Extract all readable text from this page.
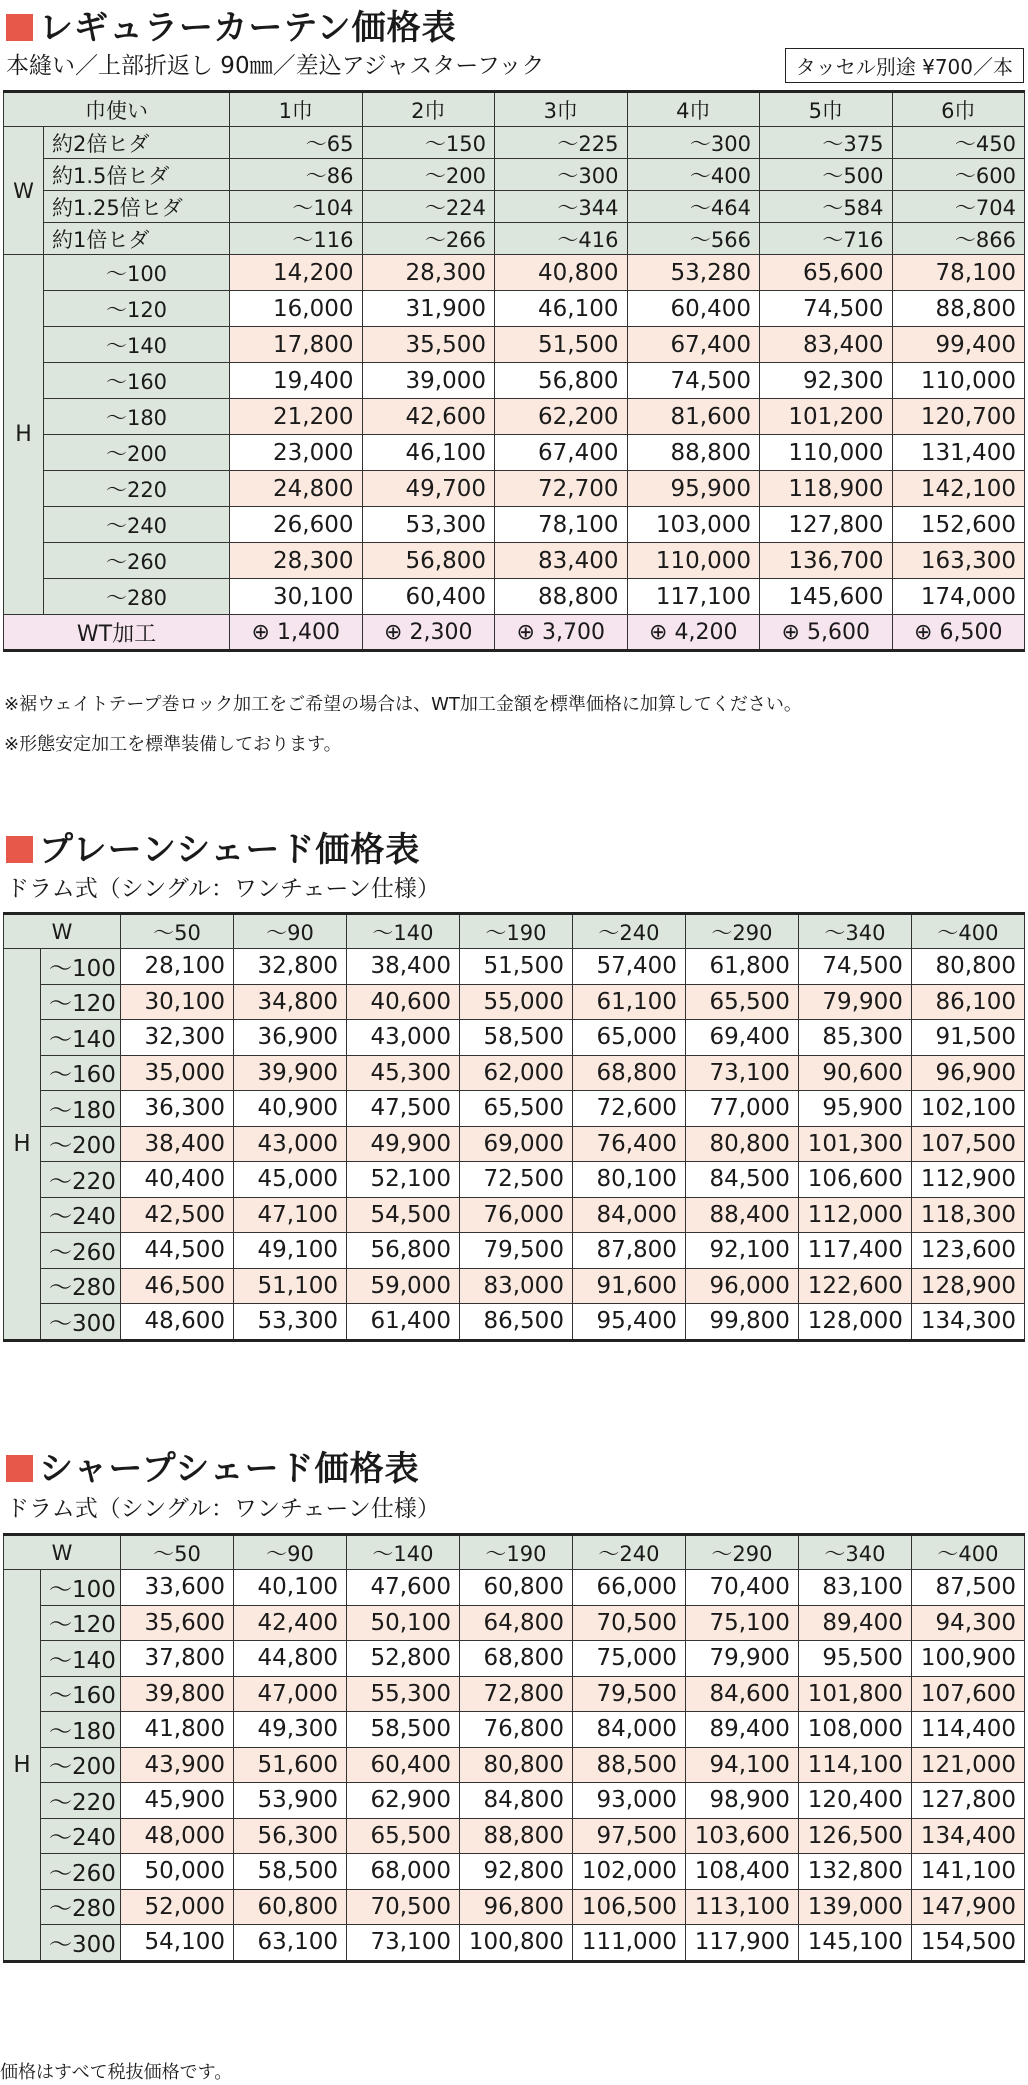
レギュラーカーテン価格表
本縫い／上部折返し 90㎜／差込アジャスターフック	タッセル別途 ¥700／本
巾使い		1巾	2巾	3巾	4巾	5巾	6巾
W	約2倍ヒダ	～65	～150	～225	～300	～375	～450
	約1.5倍ヒダ	～86	～200	～300	～400	～500	～600
	約1.25倍ヒダ	～104	～224	～344	～464	～584	～704
	約1倍ヒダ	～116	～266	～416	～566	～716	～866
H	～100	14,200	28,300	40,800	53,280	65,600	78,100
	～120	16,000	31,900	46,100	60,400	74,500	88,800
	～140	17,800	35,500	51,500	67,400	83,400	99,400
	～160	19,400	39,000	56,800	74,500	92,300	110,000
	～180	21,200	42,600	62,200	81,600	101,200	120,700
	～200	23,000	46,100	67,400	88,800	110,000	131,400
	～220	24,800	49,700	72,700	95,900	118,900	142,100
	～240	26,600	53,300	78,100	103,000	127,800	152,600
	～260	28,300	56,800	83,400	110,000	136,700	163,300
	～280	30,100	60,400	88,800	117,100	145,600	174,000
WT加工		⊕ 1,400	⊕ 2,300	⊕ 3,700	⊕ 4,200	⊕ 5,600	⊕ 6,500
※裾ウェイトテープ巻ロック加工をご希望の場合は、WT加工金額を標準価格に加算してください。
※形態安定加工を標準装備しております。
プレーンシェード価格表
ドラム式（シングル：ワンチェーン仕様）
W		～50	～90	～140	～190	～240	～290	～340	～400
H	～100	28,100	32,800	38,400	51,500	57,400	61,800	74,500	80,800
	～120	30,100	34,800	40,600	55,000	61,100	65,500	79,900	86,100
	～140	32,300	36,900	43,000	58,500	65,000	69,400	85,300	91,500
	～160	35,000	39,900	45,300	62,000	68,800	73,100	90,600	96,900
	～180	36,300	40,900	47,500	65,500	72,600	77,000	95,900	102,100
	～200	38,400	43,000	49,900	69,000	76,400	80,800	101,300	107,500
	～220	40,400	45,000	52,100	72,500	80,100	84,500	106,600	112,900
	～240	42,500	47,100	54,500	76,000	84,000	88,400	112,000	118,300
	～260	44,500	49,100	56,800	79,500	87,800	92,100	117,400	123,600
	～280	46,500	51,100	59,000	83,000	91,600	96,000	122,600	128,900
	～300	48,600	53,300	61,400	86,500	95,400	99,800	128,000	134,300
シャープシェード価格表
ドラム式（シングル：ワンチェーン仕様）
W		～50	～90	～140	～190	～240	～290	～340	～400
H	～100	33,600	40,100	47,600	60,800	66,000	70,400	83,100	87,500
	～120	35,600	42,400	50,100	64,800	70,500	75,100	89,400	94,300
	～140	37,800	44,800	52,800	68,800	75,000	79,900	95,500	100,900
	～160	39,800	47,000	55,300	72,800	79,500	84,600	101,800	107,600
	～180	41,800	49,300	58,500	76,800	84,000	89,400	108,000	114,400
	～200	43,900	51,600	60,400	80,800	88,500	94,100	114,100	121,000
	～220	45,900	53,900	62,900	84,800	93,000	98,900	120,400	127,800
	～240	48,000	56,300	65,500	88,800	97,500	103,600	126,500	134,400
	～260	50,000	58,500	68,000	92,800	102,000	108,400	132,800	141,100
	～280	52,000	60,800	70,500	96,800	106,500	113,100	139,000	147,900
	～300	54,100	63,100	73,100	100,800	111,000	117,900	145,100	154,500
価格はすべて税抜価格です。
